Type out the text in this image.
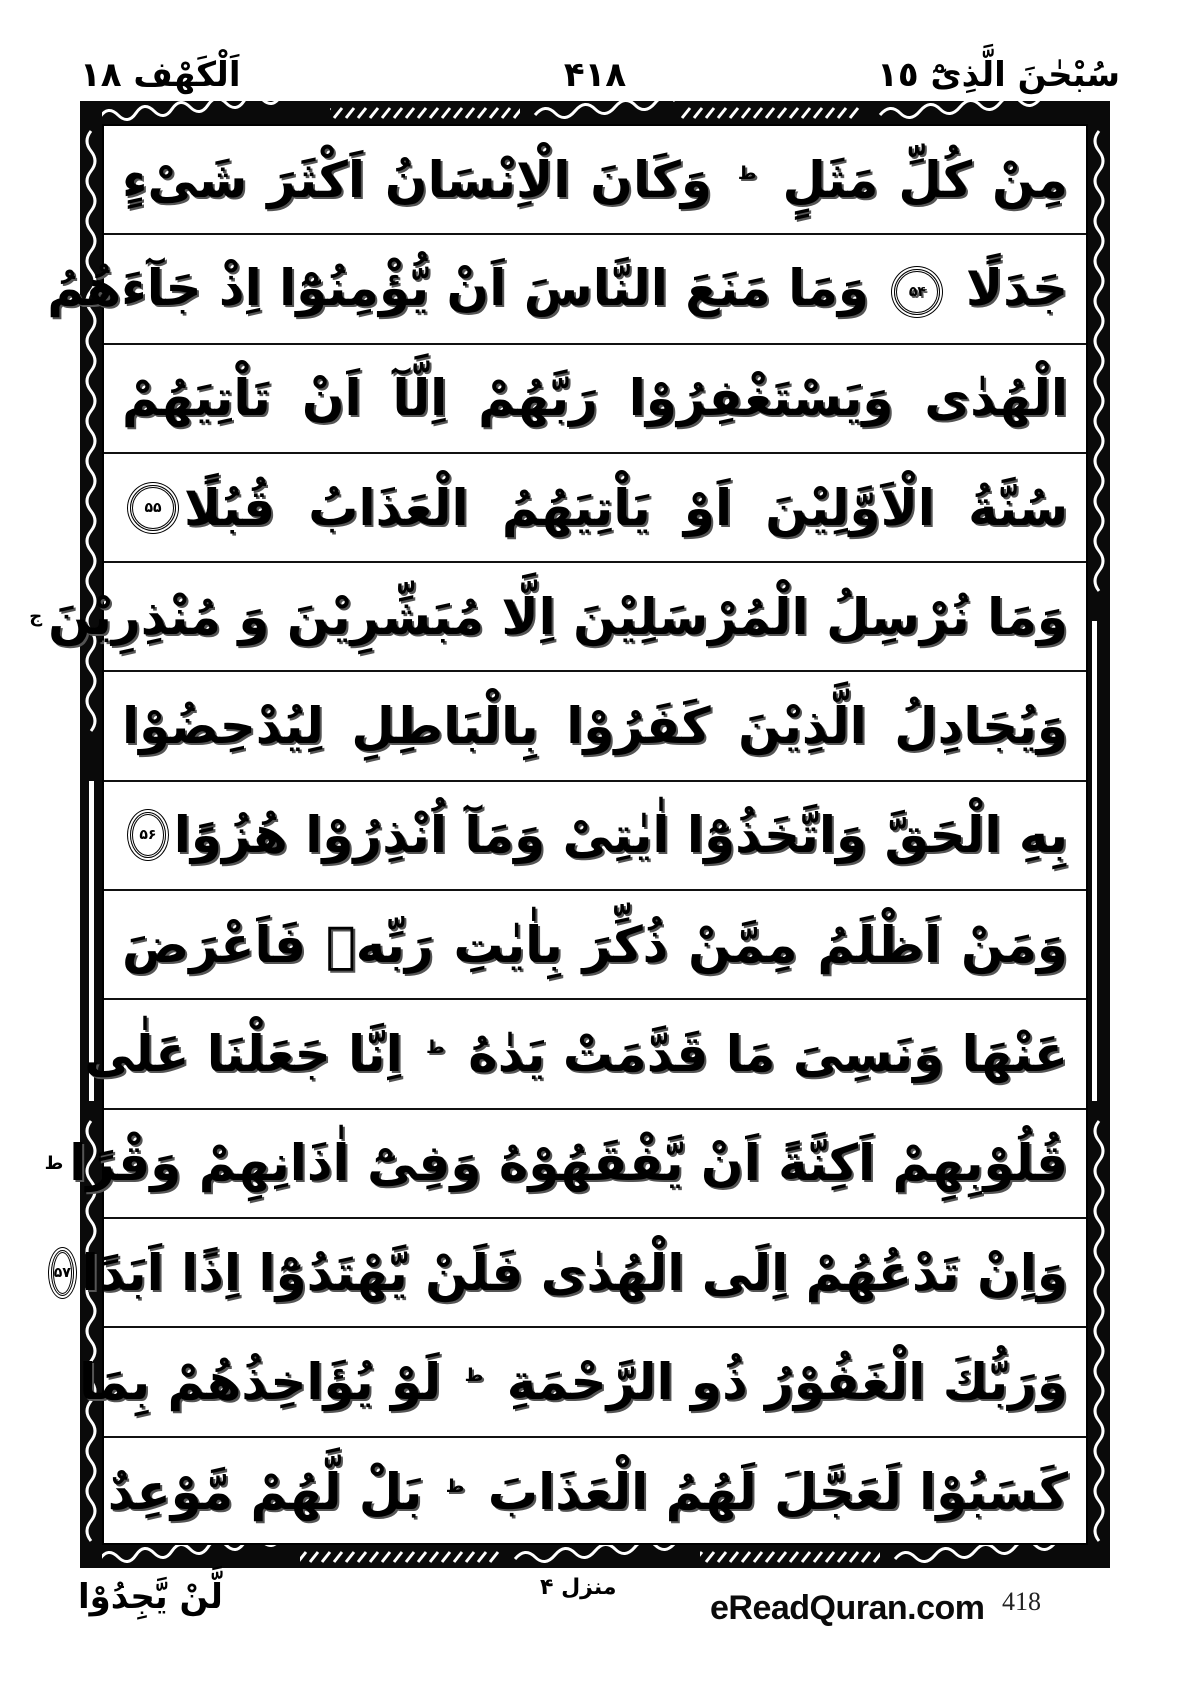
اَلْكَهْف ١٨	۴١٨	سُبْحٰنَ الَّذِیْٓ ١٥
مِنْ كُلِّ مَثَلٍ $^ط$ وَكَانَ الْاِنْسَانُ اَكْثَرَ شَیْءٍ
جَدَلًا ۵۴ وَمَا مَنَعَ النَّاسَ اَنْ یُّؤْمِنُوْٓا اِذْ جَآءَهُمُ
الْهُدٰی وَیَسْتَغْفِرُوْا رَبَّهُمْ اِلَّآ اَنْ تَاْتِیَهُمْ
سُنَّةُ الْاَوَّلِیْنَ اَوْ یَاْتِیَهُمُ الْعَذَابُ قُبُلًا
۵۵
وَمَا نُرْسِلُ الْمُرْسَلِیْنَ اِلَّا مُبَشِّرِیْنَ وَ مُنْذِرِیْنَ
ج
وَیُجَادِلُ الَّذِیْنَ كَفَرُوْا بِالْبَاطِلِ لِیُدْحِضُوْا
بِهِ الْحَقَّ وَاتَّخَذُوْٓا اٰیٰتِیْ وَمَآ اُنْذِرُوْا هُزُوًا
۵۶
وَمَنْ اَظْلَمُ مِمَّنْ ذُكِّرَ بِاٰیٰتِ رَبِّهٖ فَاَعْرَضَ
عَنْهَا وَنَسِیَ مَا قَدَّمَتْ یَدٰهُ $^ط$ اِنَّا جَعَلْنَا عَلٰی
قُلُوْبِهِمْ اَكِنَّةً اَنْ یَّفْقَهُوْهُ وَفِیْٓ اٰذَانِهِمْ وَقْرًا
ط
وَاِنْ تَدْعُهُمْ اِلَی الْهُدٰی فَلَنْ یَّهْتَدُوْٓا اِذًا اَبَدًا
۵۷
وَرَبُّكَ الْغَفُوْرُ ذُو الرَّحْمَةِ $^ط$ لَوْ یُؤَاخِذُهُمْ بِمَا
كَسَبُوْا لَعَجَّلَ لَهُمُ الْعَذَابَ $^ط$ بَلْ لَّهُمْ مَّوْعِدٌ
لَّنْ یَّجِدُوْا	منزل ۴
eReadQuran.com 418
